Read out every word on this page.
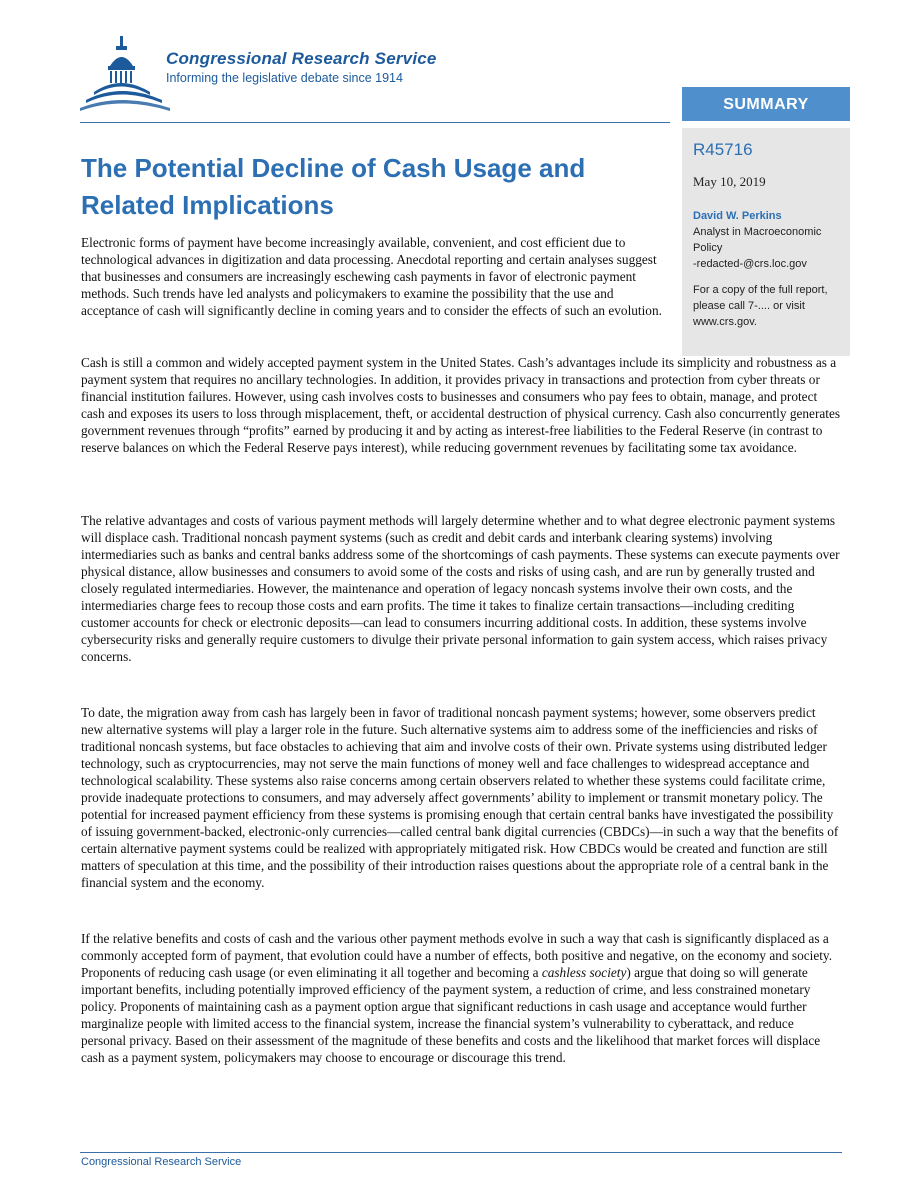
Congressional Research Service
Informing the legislative debate since 1914
SUMMARY
R45716
May 10, 2019
David W. Perkins
Analyst in Macroeconomic
Policy
-redacted-@crs.loc.gov
For a copy of the full report,
please call 7-.... or visit
www.crs.gov.
The Potential Decline of Cash Usage and Related Implications

Electronic forms of payment have become increasingly available, convenient, and cost efficient due to technological advances in digitization and data processing. Anecdotal reporting and certain analyses suggest that businesses and consumers are increasingly eschewing cash payments in favor of electronic payment methods. Such trends have led analysts and policymakers to examine the possibility that the use and acceptance of cash will significantly decline in coming years and to consider the effects of such an evolution.

Cash is still a common and widely accepted payment system in the United States. Cash’s advantages include its simplicity and robustness as a payment system that requires no ancillary technologies. In addition, it provides privacy in transactions and protection from cyber threats or financial institution failures. However, using cash involves costs to businesses and consumers who pay fees to obtain, manage, and protect cash and exposes its users to loss through misplacement, theft, or accidental destruction of physical currency. Cash also concurrently generates government revenues through “profits” earned by producing it and by acting as interest-free liabilities to the Federal Reserve (in contrast to reserve balances on which the Federal Reserve pays interest), while reducing government revenues by facilitating some tax avoidance.

The relative advantages and costs of various payment methods will largely determine whether and to what degree electronic payment systems will displace cash. Traditional noncash payment systems (such as credit and debit cards and interbank clearing systems) involving intermediaries such as banks and central banks address some of the shortcomings of cash payments. These systems can execute payments over physical distance, allow businesses and consumers to avoid some of the costs and risks of using cash, and are run by generally trusted and closely regulated intermediaries. However, the maintenance and operation of legacy noncash systems involve their own costs, and the intermediaries charge fees to recoup those costs and earn profits. The time it takes to finalize certain transactions—including crediting customer accounts for check or electronic deposits—can lead to consumers incurring additional costs. In addition, these systems involve cybersecurity risks and generally require customers to divulge their private personal information to gain system access, which raises privacy concerns.

To date, the migration away from cash has largely been in favor of traditional noncash payment systems; however, some observers predict new alternative systems will play a larger role in the future. Such alternative systems aim to address some of the inefficiencies and risks of traditional noncash systems, but face obstacles to achieving that aim and involve costs of their own. Private systems using distributed ledger technology, such as cryptocurrencies, may not serve the main functions of money well and face challenges to widespread acceptance and technological scalability. These systems also raise concerns among certain observers related to whether these systems could facilitate crime, provide inadequate protections to consumers, and may adversely affect governments’ ability to implement or transmit monetary policy. The potential for increased payment efficiency from these systems is promising enough that certain central banks have investigated the possibility of issuing government-backed, electronic-only currencies—called central bank digital currencies (CBDCs)—in such a way that the benefits of certain alternative payment systems could be realized with appropriately mitigated risk. How CBDCs would be created and function are still matters of speculation at this time, and the possibility of their introduction raises questions about the appropriate role of a central bank in the financial system and the economy.

If the relative benefits and costs of cash and the various other payment methods evolve in such a way that cash is significantly displaced as a commonly accepted form of payment, that evolution could have a number of effects, both positive and negative, on the economy and society. Proponents of reducing cash usage (or even eliminating it all together and becoming a cashless society) argue that doing so will generate important benefits, including potentially improved efficiency of the payment system, a reduction of crime, and less constrained monetary policy. Proponents of maintaining cash as a payment option argue that significant reductions in cash usage and acceptance would further marginalize people with limited access to the financial system, increase the financial system’s vulnerability to cyberattack, and reduce personal privacy. Based on their assessment of the magnitude of these benefits and costs and the likelihood that market forces will displace cash as a payment system, policymakers may choose to encourage or discourage this trend.

Congressional Research Service
